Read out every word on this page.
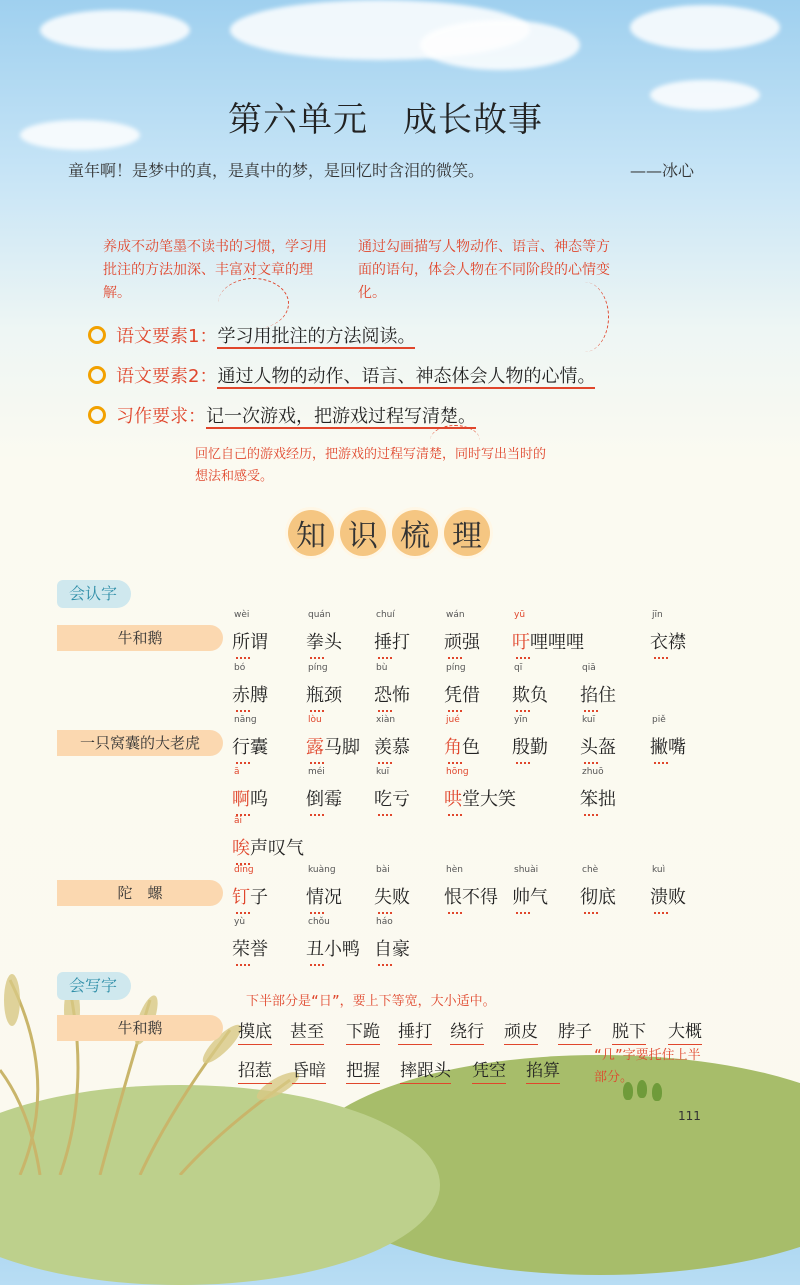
第六单元　成长故事
童年啊！是梦中的真，是真中的梦，是回忆时含泪的微笑。	——冰心
养成不动笔墨不读书的习惯，学习用批注的方法加深、丰富对文章的理解。
通过勾画描写人物动作、语言、神态等方面的语句，体会人物在不同阶段的心情变化。
回忆自己的游戏经历，把游戏的过程写清楚，同时写出当时的想法和感受。
语文要素1：学习用批注的方法阅读。
语文要素2：通过人物的动作、语言、神态体会人物的心情。
习作要求：记一次游戏，把游戏过程写清楚。
知 识 梳 理
会认字
牛和鹅
一只窝囊的大老虎
陀　螺
wèi
所谓
quán
拳头
chuí
捶打
wán
顽强
yū
吁哩哩哩
jīn
衣襟
bó
赤膊
pínɡ
瓶颈
bù
恐怖
pínɡ
凭借
qī
欺负
qiā
掐住
nānɡ
行囊
lòu
露马脚
xiàn
羡慕
jué
角色
yīn
殷勤
kuī
头盔
piě
撇嘴
ā
啊呜
méi
倒霉
kuī
吃亏
hōnɡ
哄堂大笑
zhuō
笨拙
āi
唉声叹气
dīnɡ
钉子
kuànɡ
情况
bài
失败
hèn
恨不得
shuài
帅气
chè
彻底
kuì
溃败
yù
荣誉
chǒu
丑小鸭
háo
自豪
会写字
牛和鹅
下半部分是“日”，要上下等宽，大小适中。
“几”字要托住上半部分。
摸底 甚至 下跪 捶打 绕行 顽皮 脖子 脱下 大概
招惹 昏暗 把握 摔跟头 凭空 掐算
111
